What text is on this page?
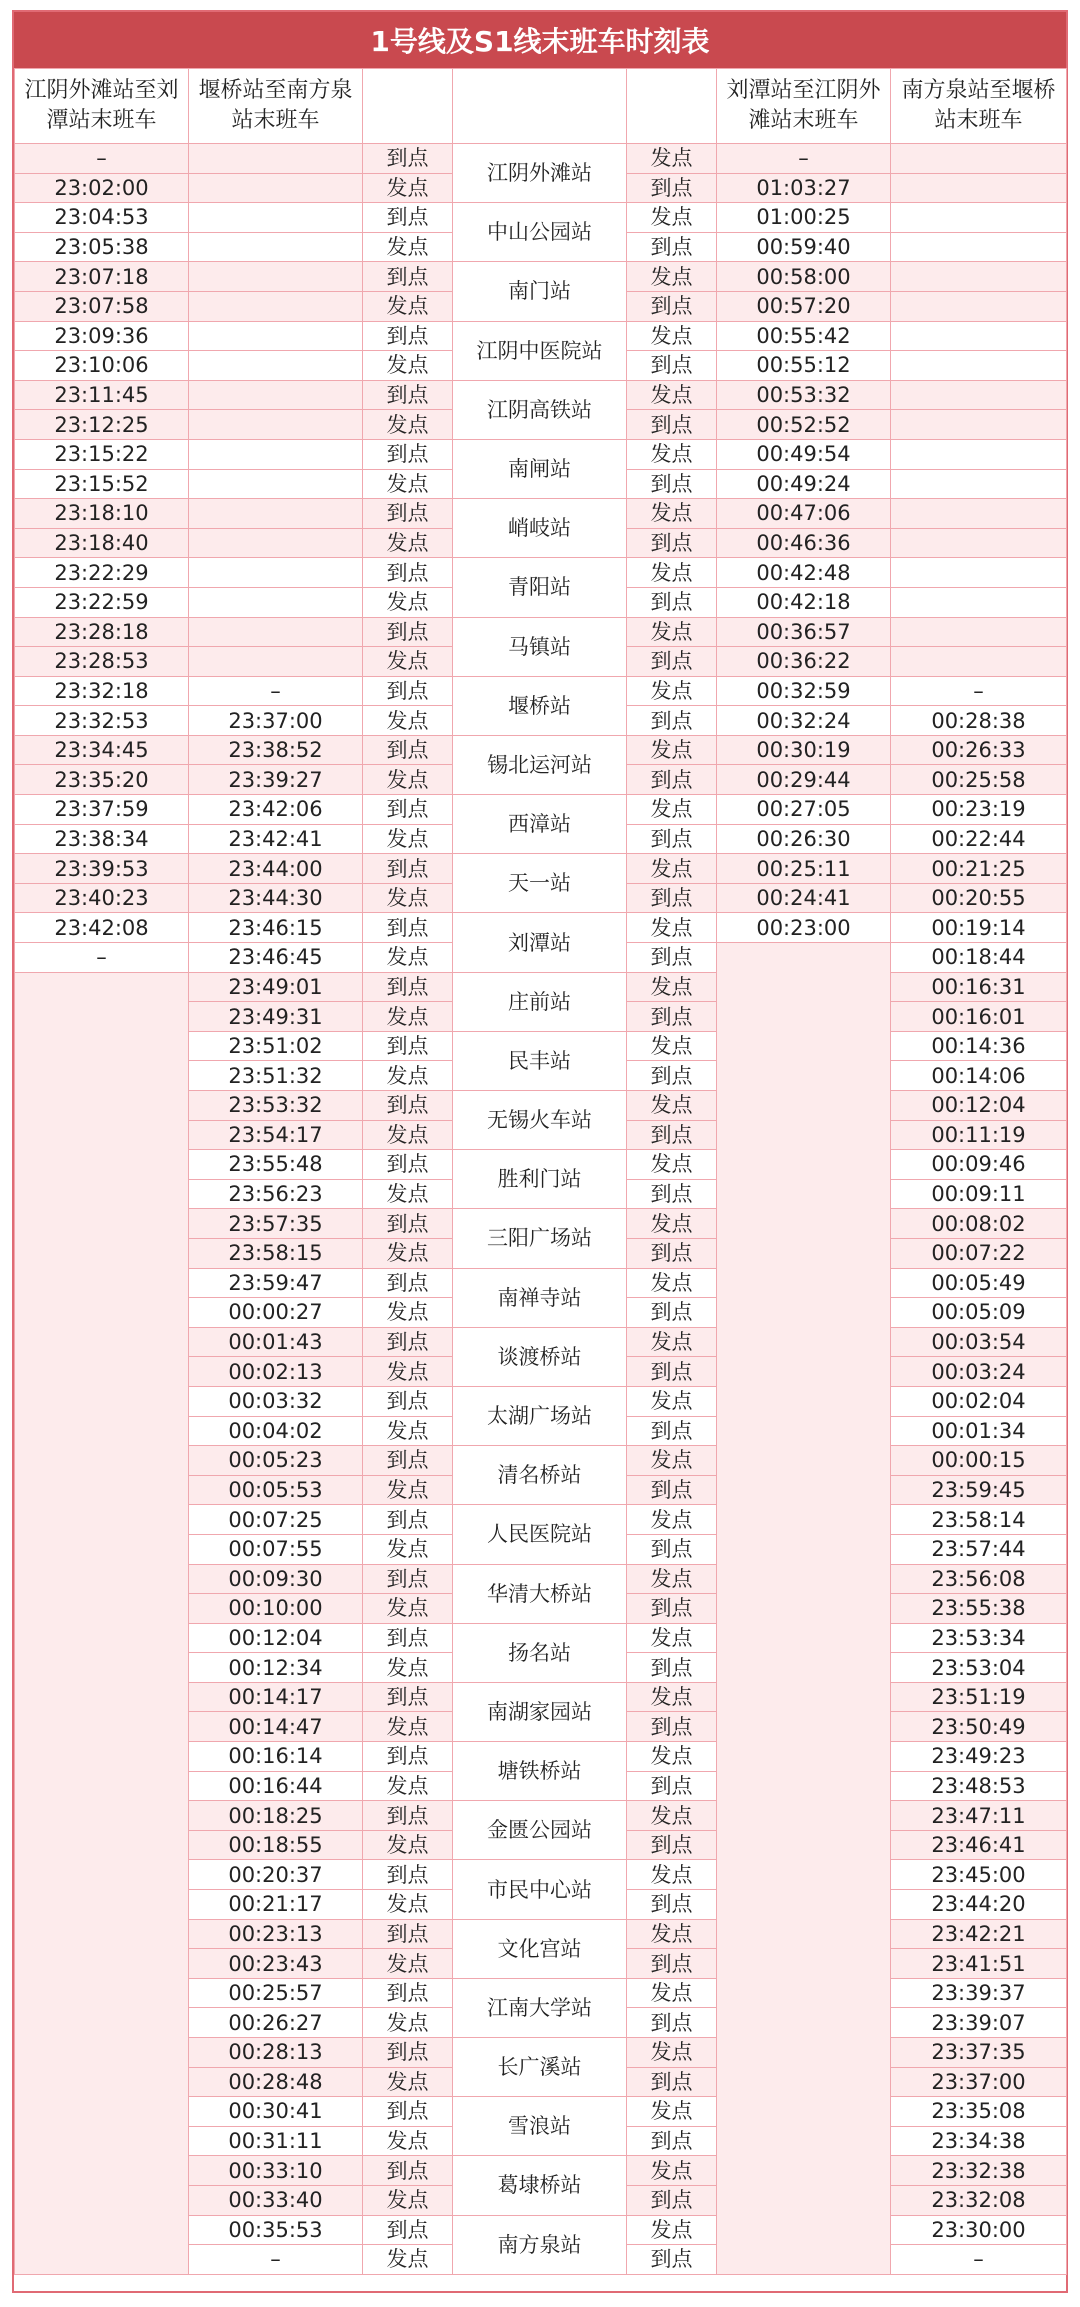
1号线及S1线末班车时刻表
江阴外滩站至刘潭站末班车	堰桥站至南方泉站末班车				刘潭站至江阴外滩站末班车	南方泉站至堰桥站末班车
–		到点	江阴外滩站	发点	–	
23:02:00		发点		到点	01:03:27	
23:04:53		到点	中山公园站	发点	01:00:25	
23:05:38		发点		到点	00:59:40	
23:07:18		到点	南门站	发点	00:58:00	
23:07:58		发点		到点	00:57:20	
23:09:36		到点	江阴中医院站	发点	00:55:42	
23:10:06		发点		到点	00:55:12	
23:11:45		到点	江阴高铁站	发点	00:53:32	
23:12:25		发点		到点	00:52:52	
23:15:22		到点	南闸站	发点	00:49:54	
23:15:52		发点		到点	00:49:24	
23:18:10		到点	峭岐站	发点	00:47:06	
23:18:40		发点		到点	00:46:36	
23:22:29		到点	青阳站	发点	00:42:48	
23:22:59		发点		到点	00:42:18	
23:28:18		到点	马镇站	发点	00:36:57	
23:28:53		发点		到点	00:36:22	
23:32:18	–	到点	堰桥站	发点	00:32:59	–
23:32:53	23:37:00	发点		到点	00:32:24	00:28:38
23:34:45	23:38:52	到点	锡北运河站	发点	00:30:19	00:26:33
23:35:20	23:39:27	发点		到点	00:29:44	00:25:58
23:37:59	23:42:06	到点	西漳站	发点	00:27:05	00:23:19
23:38:34	23:42:41	发点		到点	00:26:30	00:22:44
23:39:53	23:44:00	到点	天一站	发点	00:25:11	00:21:25
23:40:23	23:44:30	发点		到点	00:24:41	00:20:55
23:42:08	23:46:15	到点	刘潭站	发点	00:23:00	00:19:14
–	23:46:45	发点		到点		00:18:44
	23:49:01	到点	庄前站	发点		00:16:31
	23:49:31	发点		到点		00:16:01
	23:51:02	到点	民丰站	发点		00:14:36
	23:51:32	发点		到点		00:14:06
	23:53:32	到点	无锡火车站	发点		00:12:04
	23:54:17	发点		到点		00:11:19
	23:55:48	到点	胜利门站	发点		00:09:46
	23:56:23	发点		到点		00:09:11
	23:57:35	到点	三阳广场站	发点		00:08:02
	23:58:15	发点		到点		00:07:22
	23:59:47	到点	南禅寺站	发点		00:05:49
	00:00:27	发点		到点		00:05:09
	00:01:43	到点	谈渡桥站	发点		00:03:54
	00:02:13	发点		到点		00:03:24
	00:03:32	到点	太湖广场站	发点		00:02:04
	00:04:02	发点		到点		00:01:34
	00:05:23	到点	清名桥站	发点		00:00:15
	00:05:53	发点		到点		23:59:45
	00:07:25	到点	人民医院站	发点		23:58:14
	00:07:55	发点		到点		23:57:44
	00:09:30	到点	华清大桥站	发点		23:56:08
	00:10:00	发点		到点		23:55:38
	00:12:04	到点	扬名站	发点		23:53:34
	00:12:34	发点		到点		23:53:04
	00:14:17	到点	南湖家园站	发点		23:51:19
	00:14:47	发点		到点		23:50:49
	00:16:14	到点	塘铁桥站	发点		23:49:23
	00:16:44	发点		到点		23:48:53
	00:18:25	到点	金匮公园站	发点		23:47:11
	00:18:55	发点		到点		23:46:41
	00:20:37	到点	市民中心站	发点		23:45:00
	00:21:17	发点		到点		23:44:20
	00:23:13	到点	文化宫站	发点		23:42:21
	00:23:43	发点		到点		23:41:51
	00:25:57	到点	江南大学站	发点		23:39:37
	00:26:27	发点		到点		23:39:07
	00:28:13	到点	长广溪站	发点		23:37:35
	00:28:48	发点		到点		23:37:00
	00:30:41	到点	雪浪站	发点		23:35:08
	00:31:11	发点		到点		23:34:38
	00:33:10	到点	葛埭桥站	发点		23:32:38
	00:33:40	发点		到点		23:32:08
	00:35:53	到点	南方泉站	发点		23:30:00
	–	发点		到点		–
